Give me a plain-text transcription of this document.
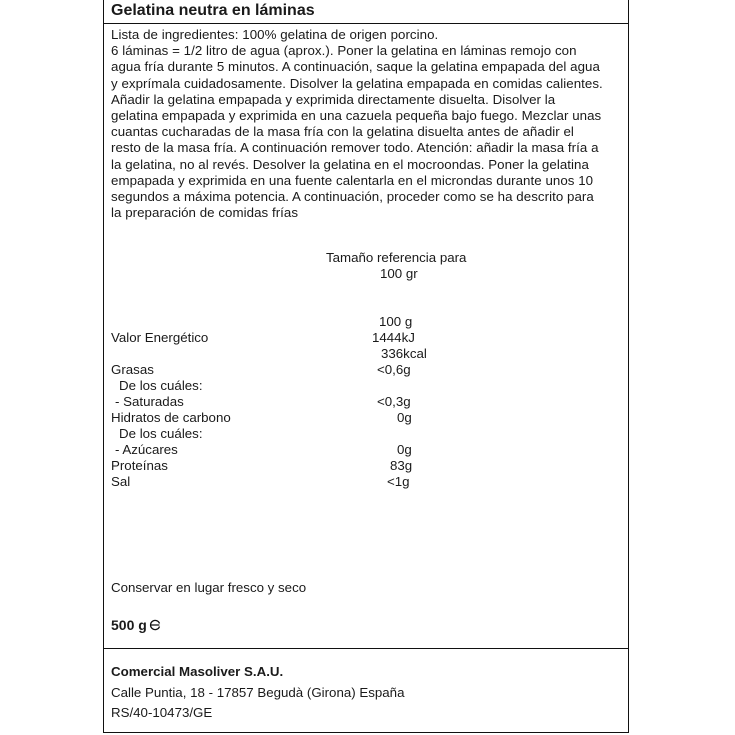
Gelatina neutra en láminas
Lista de ingredientes: 100% gelatina de origen porcino.
6 láminas = 1/2 litro de agua (aprox.). Poner la gelatina en láminas remojo con
agua fría durante 5 minutos. A continuación, saque la gelatina empapada del agua
y exprímala cuidadosamente. Disolver la gelatina empapada en comidas calientes.
Añadir la gelatina empapada y exprimida directamente disuelta. Disolver la
gelatina empapada y exprimida en una cazuela pequeña bajo fuego. Mezclar unas
cuantas cucharadas de la masa fría con la gelatina disuelta antes de añadir el
resto de la masa fría. A continuación remover todo. Atención: añadir la masa fría a
la gelatina, no al revés. Desolver la gelatina en el mocroondas. Poner la gelatina
empapada y exprimida en una fuente calentarla en el microndas durante unos 10
segundos a máxima potencia. A continuación, proceder como se ha descrito para
la preparación de comidas frías
Tamaño referencia para
100 gr
100 g
Valor Energético	1444kJ
336kcal
Grasas	<0,6g
De los cuáles:
- Saturadas	<0,3g
Hidratos de carbono	0g
De los cuáles:
- Azúcares	0g
Proteínas	83g
Sal	<1g
Conservar en lugar fresco y seco
500 g
Comercial Masoliver S.A.U.
Calle Puntia, 18 - 17857 Begudà (Girona) España
RS/40-10473/GE
